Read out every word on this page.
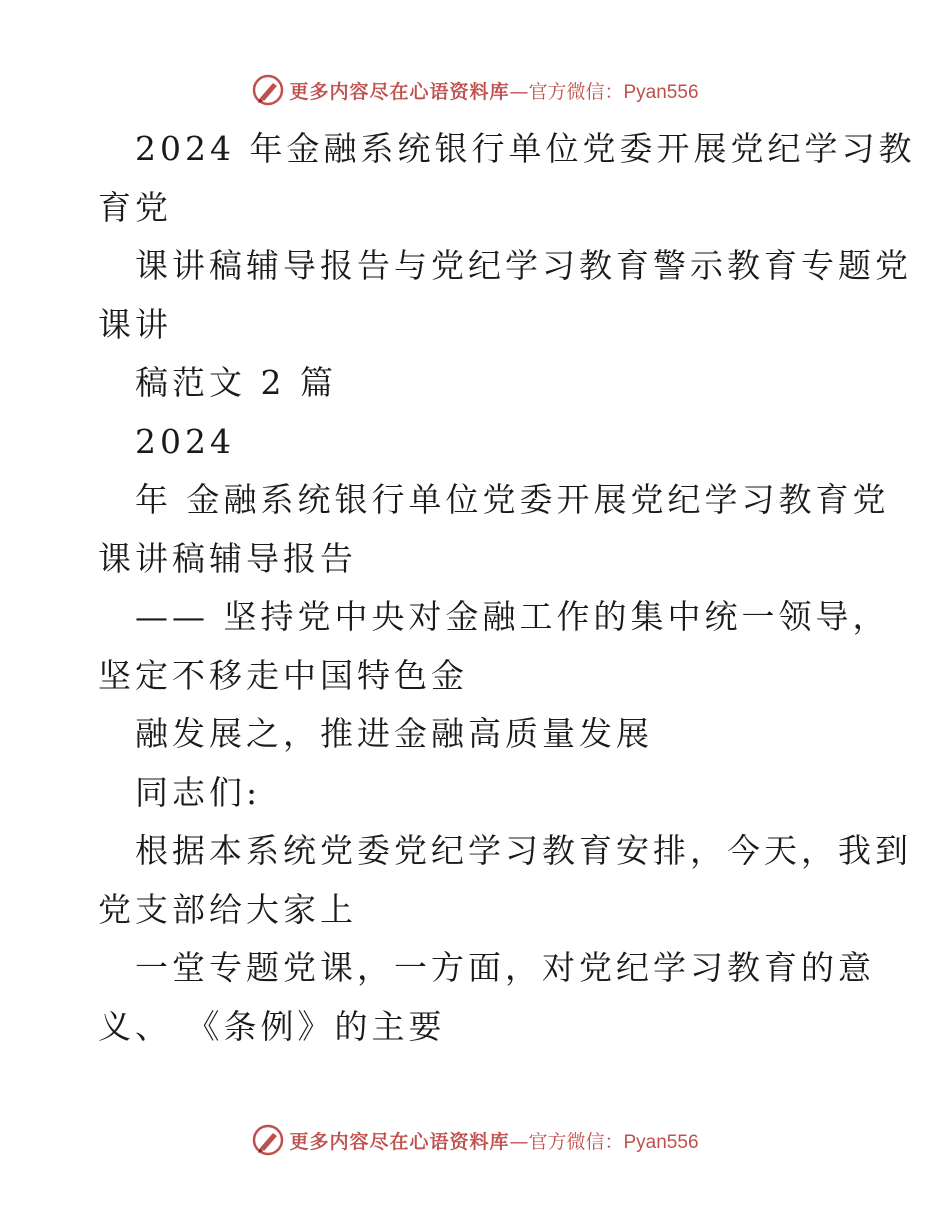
更多内容尽在心语资料库 —官方微信：Pyan556
2024 年金融系统银行单位党委开展党纪学习教
育党
课讲稿辅导报告与党纪学习教育警示教育专题党
课讲
稿范文 2 篇
2024
年 金融系统银行单位党委开展党纪学习教育党
课讲稿辅导报告
—— 坚持党中央对金融工作的集中统一领导，
坚定不移走中国特色金
融发展之，推进金融高质量发展
同志们:
根据本系统党委党纪学习教育安排，今天，我到
党支部给大家上
一堂专题党课，一方面，对党纪学习教育的意
义、 《条例》的主要
更多内容尽在心语资料库 —官方微信：Pyan556
